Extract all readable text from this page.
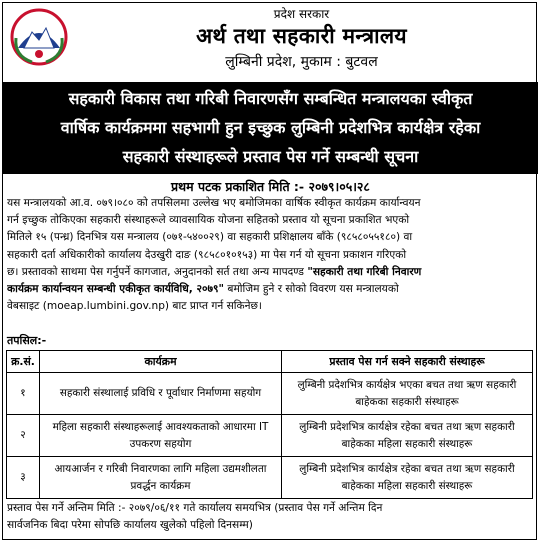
प्रदेश सरकार
अर्थ तथा सहकारी मन्त्रालय
लुम्बिनी प्रदेश, मुकाम : बुटवल
सहकारी विकास तथा गरिबी निवारणसँग सम्बन्धित मन्त्रालयका स्वीकृत
वार्षिक कार्यक्रममा सहभागी हुन इच्छुक लुम्बिनी प्रदेशभित्र कार्यक्षेत्र रहेका
सहकारी संस्थाहरूले प्रस्ताव पेस गर्ने सम्बन्धी सूचना
प्रथम पटक प्रकाशित मिति :- २०७९।०५।२८
यस मन्त्रालयको आ.व. ०७९।०८० को तपसिलमा उल्लेख भए बमोजिमका वार्षिक स्वीकृत कार्यक्रम कार्यान्वयन
गर्न इच्छुक तोकिएका सहकारी संस्थाहरूले व्यावसायिक योजना सहितको प्रस्ताव यो सूचना प्रकाशित भएको
मितिले १५ (पन्ध्र) दिनभित्र यस मन्त्रालय (०७१-५४००२९) वा सहकारी प्रशिक्षालय बाँके (९८५८०५५१८०) वा
सहकारी दर्ता अधिकारीको कार्यालय देउखुरी दाङ (९८५८०१०१५३) मा पेस गर्न यो सूचना प्रकाशन गरिएको
छ। प्रस्तावको साथमा पेस गर्नुपर्ने कागजात, अनुदानको सर्त तथा अन्य मापदण्ड "सहकारी तथा गरिबी निवारण
कार्यक्रम कार्यान्वयन सम्बन्धी एकीकृत कार्यविधि, २०७९" बमोजिम हुने र सोको विवरण यस मन्त्रालयको
वेबसाइट (moeap.lumbini.gov.np) बाट प्राप्त गर्न सकिनेछ।
तपसिल:-
क्र.सं.	कार्यक्रम	प्रस्ताव पेस गर्न सक्ने सहकारी संस्थाहरू
१	सहकारी संस्थालाई प्रविधि र पूर्वाधार निर्माणमा सहयोग	लुम्बिनी प्रदेशभित्र कार्यक्षेत्र भएका बचत तथा ऋण सहकारी बाहेकका सहकारी संस्थाहरू
२	महिला सहकारी संस्थाहरूलाई आवश्यकताको आधारमा IT उपकरण सहयोग	लुम्बिनी प्रदेशभित्र कार्यक्षेत्र रहेका बचत तथा ऋण सहकारी बाहेकका महिला सहकारी संस्थाहरू
३	आयआर्जन र गरिबी निवारणका लागि महिला उद्यमशीलता प्रवर्द्धन कार्यक्रम	लुम्बिनी प्रदेशभित्र कार्यक्षेत्र रहेका बचत तथा ऋण सहकारी बाहेकका महिला सहकारी संस्थाहरू
प्रस्ताव पेस गर्ने अन्तिम मिति :- २०७९/०६/११ गते कार्यालय समयभित्र (प्रस्ताव पेस गर्ने अन्तिम दिन
सार्वजनिक बिदा परेमा सोपछि कार्यालय खुलेको पहिलो दिनसम्म)
